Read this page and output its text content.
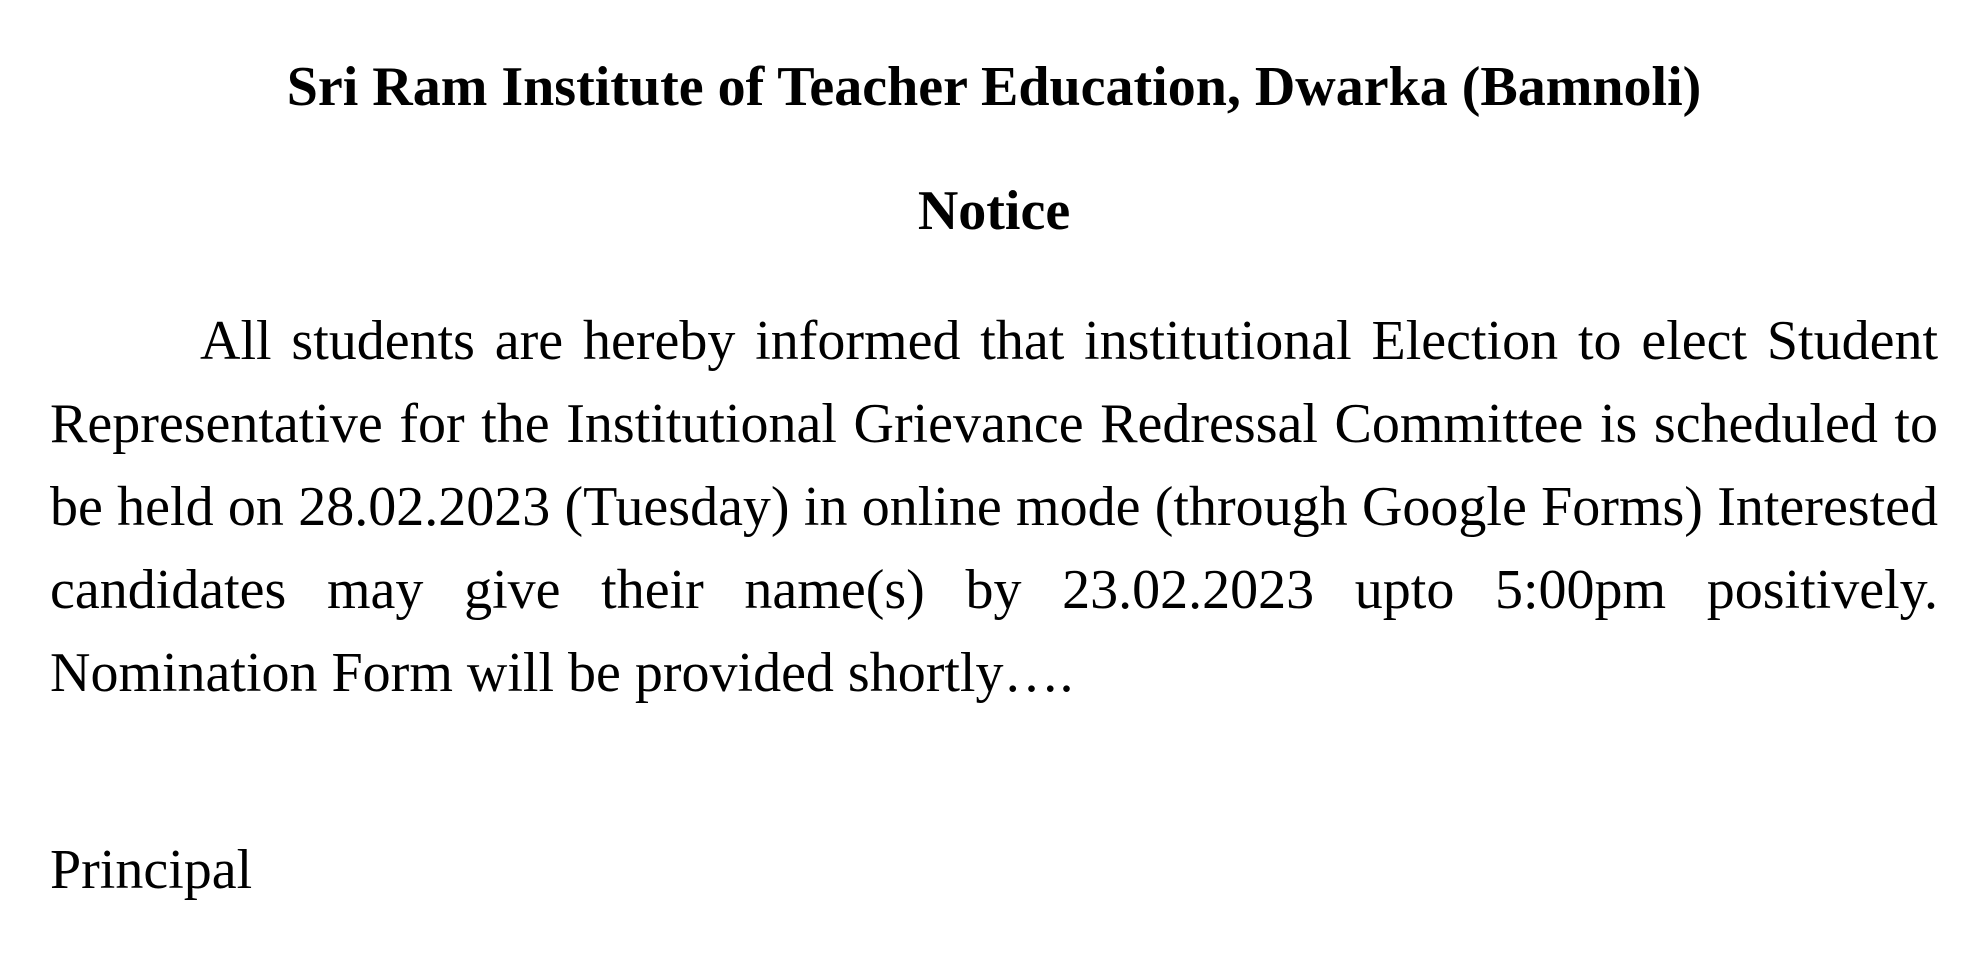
Sri Ram Institute of Teacher Education, Dwarka (Bamnoli)
Notice

All students are hereby informed that institutional Election to elect Student Representative for the Institutional Grievance Redressal Committee is scheduled to be held on 28.02.2023 (Tuesday) in online mode (through Google Forms) Interested candidates may give their name(s) by 23.02.2023 upto 5:00pm positively. Nomination Form will be provided shortly….

Principal
